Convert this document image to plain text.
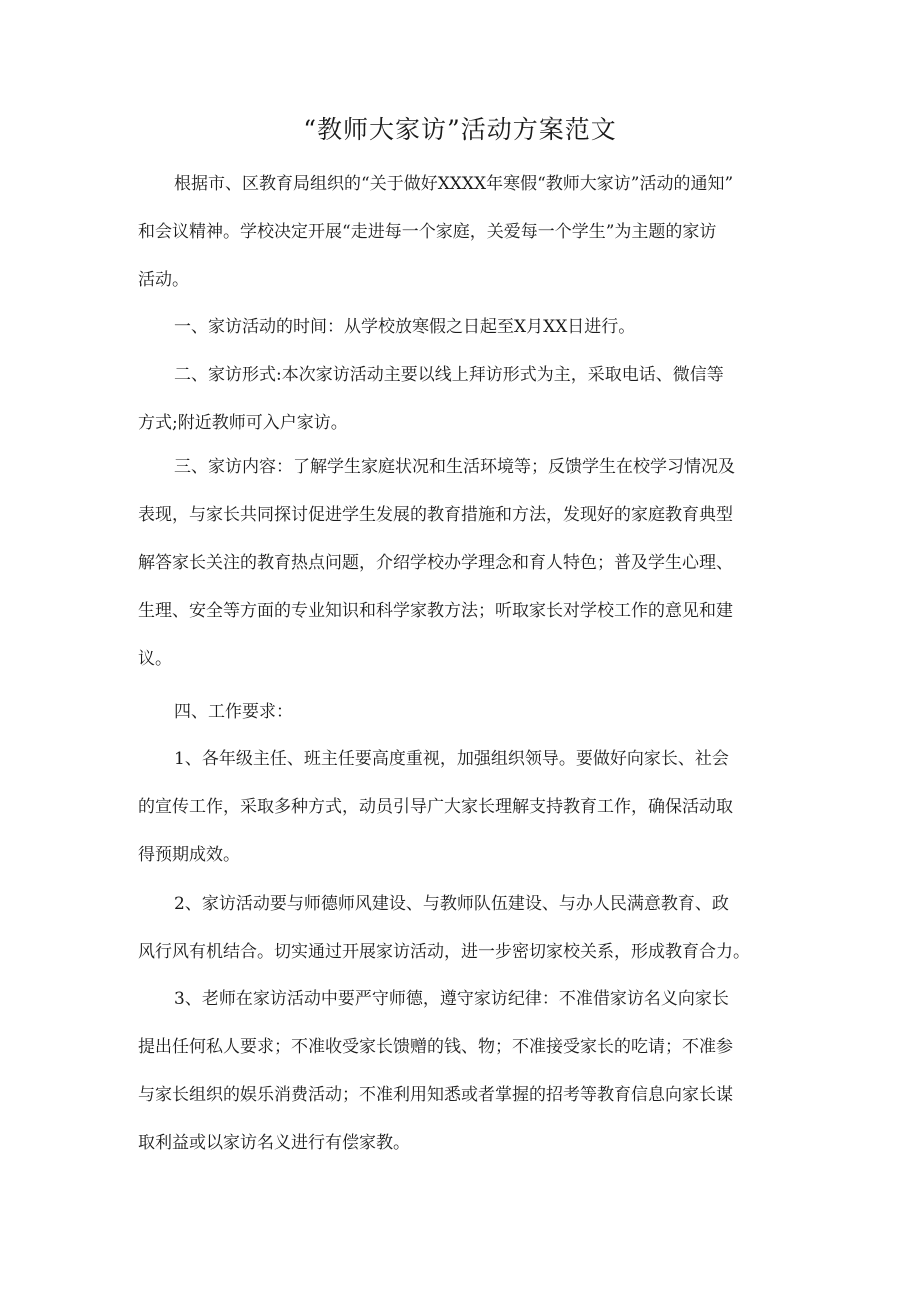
“教师大家访”活动方案范文
根据市、区教育局组织的“关于做好XXXX年寒假“教师大家访”活动的通知”
和会议精神。学校决定开展“走进每一个家庭，关爱每一个学生”为主题的家访
活动。
一、家访活动的时间：从学校放寒假之日起至X月XX日进行。
二、家访形式:本次家访活动主要以线上拜访形式为主，采取电话、微信等
方式;附近教师可入户家访。
三、家访内容：了解学生家庭状况和生活环境等；反馈学生在校学习情况及
表现，与家长共同探讨促进学生发展的教育措施和方法，发现好的家庭教育典型
解答家长关注的教育热点问题，介绍学校办学理念和育人特色；普及学生心理、
生理、安全等方面的专业知识和科学家教方法；听取家长对学校工作的意见和建
议。
四、工作要求：
1、各年级主任、班主任要高度重视，加强组织领导。要做好向家长、社会
的宣传工作，采取多种方式，动员引导广大家长理解支持教育工作，确保活动取
得预期成效。
2、家访活动要与师德师风建设、与教师队伍建设、与办人民满意教育、政
风行风有机结合。切实通过开展家访活动，进一步密切家校关系，形成教育合力。
3、老师在家访活动中要严守师德，遵守家访纪律：不准借家访名义向家长
提出任何私人要求；不准收受家长馈赠的钱、物；不准接受家长的吃请；不准参
与家长组织的娱乐消费活动；不准利用知悉或者掌握的招考等教育信息向家长谋
取利益或以家访名义进行有偿家教。
